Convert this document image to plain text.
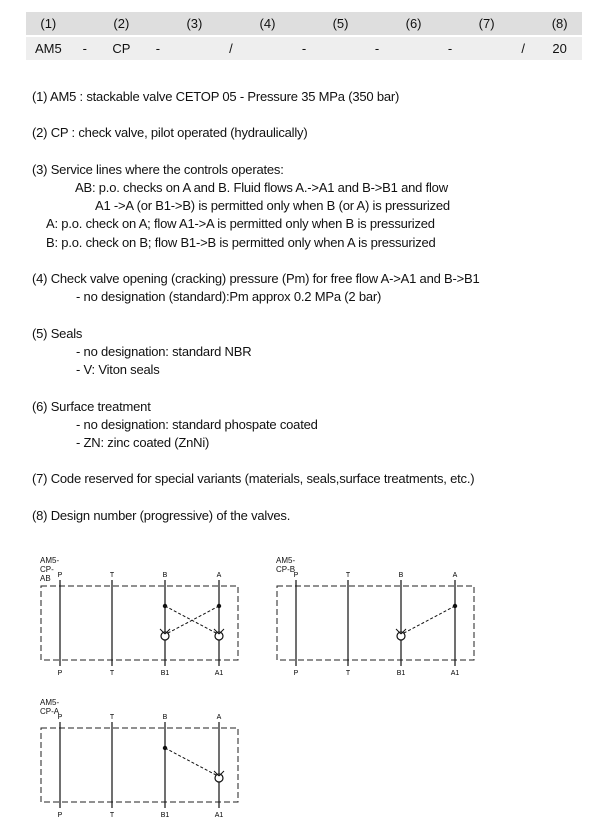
(1)		(2)		(3)		(4)		(5)		(6)		(7)		(8)
AM5	-	CP	-		/		-		-		-		/	20

(1) AM5 : stackable valve CETOP 05 - Pressure 35 MPa (350 bar)

(2) CP : check valve, pilot operated (hydraulically)

(3) Service lines where the controls operates:

AB: p.o. checks on A and B. Fluid flows A.->A1 and B->B1 and flow

A1 ->A (or B1->B) is permitted only when B (or A) is pressurized

A: p.o. check on A; flow A1->A is permitted only when B is pressurized

B: p.o. check on B; flow B1->B is permitted only when A is pressurized

(4) Check valve opening (cracking) pressure (Pm) for free flow A->A1 and B->B1

- no designation (standard):Pm approx 0.2 MPa (2 bar)

(5) Seals

- no designation: standard NBR

- V: Viton seals

(6) Surface treatment

- no designation: standard phospate coated

- ZN: zinc coated (ZnNi)

(7) Code reserved for special variants (materials, seals,surface treatments, etc.)

(8) Design number (progressive) of the valves.

AM5-CP-AB P
P
T
T
B
B1
A
A1
AM5-CP-B
P
P
T
T
B
B1
A
A1
AM5-CP-A
P
P
T
T
B
B1
A
A1
